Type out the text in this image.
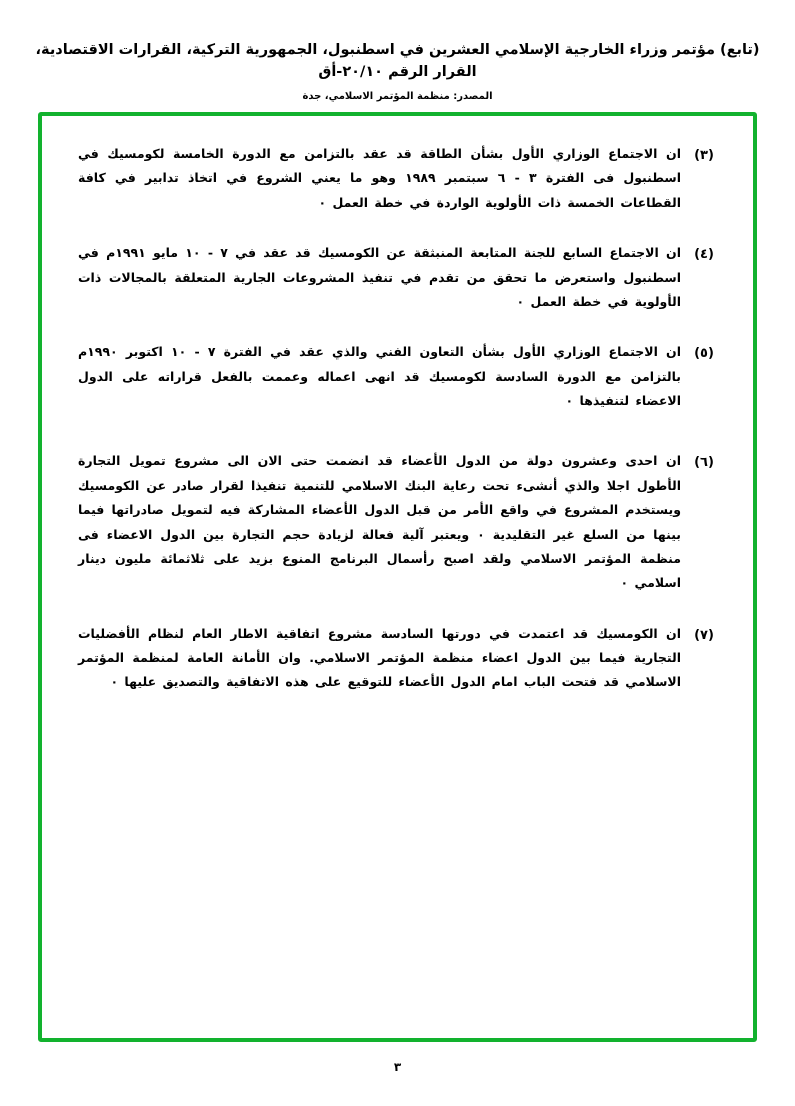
(تابع) مؤتمر وزراء الخارجية الإسلامي العشرين في اسطنبول، الجمهورية التركية، القرارات الاقتصادية، القرار الرقم ٢٠/١٠-أق
المصدر: منظمة المؤتمر الاسلامي، جدة
(٣)
ان الاجتماع الوزاري الأول بشأن الطاقة قد عقد بالتزامن مع الدورة الخامسة لكومسيك في اسطنبول فى الفترة ٣ - ٦ سبتمبر ١٩٨٩ وهو ما يعني الشروع في اتخاذ تدابير في كافة القطاعات الخمسة ذات الأولوية الواردة في خطة العمل ٠
(٤)
ان الاجتماع السابع للجنة المتابعة المنبثقة عن الكومسيك قد عقد في ٧ - ١٠ مايو ١٩٩١م في اسطنبول واستعرض ما تحقق من تقدم في تنفيذ المشروعات الجارية المتعلقة بالمجالات ذات الأولوية في خطة العمل ٠
(٥)
ان الاجتماع الوزاري الأول بشأن التعاون الفني والذي عقد في الفترة ٧ - ١٠ اكتوبر ١٩٩٠م بالتزامن مع الدورة السادسة لكومسيك قد انهى اعماله وعممت بالفعل قراراته على الدول الاعضاء لتنفيذها ٠
(٦)
ان احدى وعشرون دولة من الدول الأعضاء قد انضمت حتى الان الى مشروع تمويل التجارة الأطول اجلا والذي أنشىء تحت رعاية البنك الاسلامي للتنمية تنفيذا لقرار صادر عن الكومسيك ويستخدم المشروع في واقع الأمر من قبل الدول الأعضاء المشاركة فيه لتمويل صادراتها فيما بينها من السلع غير التقليدية ٠ ويعتبر آلية فعالة لزيادة حجم التجارة بين الدول الاعضاء فى منظمة المؤتمر الاسلامي ولقد اصبح رأسمال البرنامج المنوع بزيد على ثلاثمائة مليون دينار اسلامي ٠
(٧)
ان الكومسيك قد اعتمدت في دورتها السادسة مشروع اتفاقية الاطار العام لنظام الأفضليات التجارية فيما بين الدول اعضاء منظمة المؤتمر الاسلامي. وان الأمانة العامة لمنظمة المؤتمر الاسلامي قد فتحت الباب امام الدول الأعضاء للتوقيع على هذه الاتفاقية والتصديق عليها ٠
٣
